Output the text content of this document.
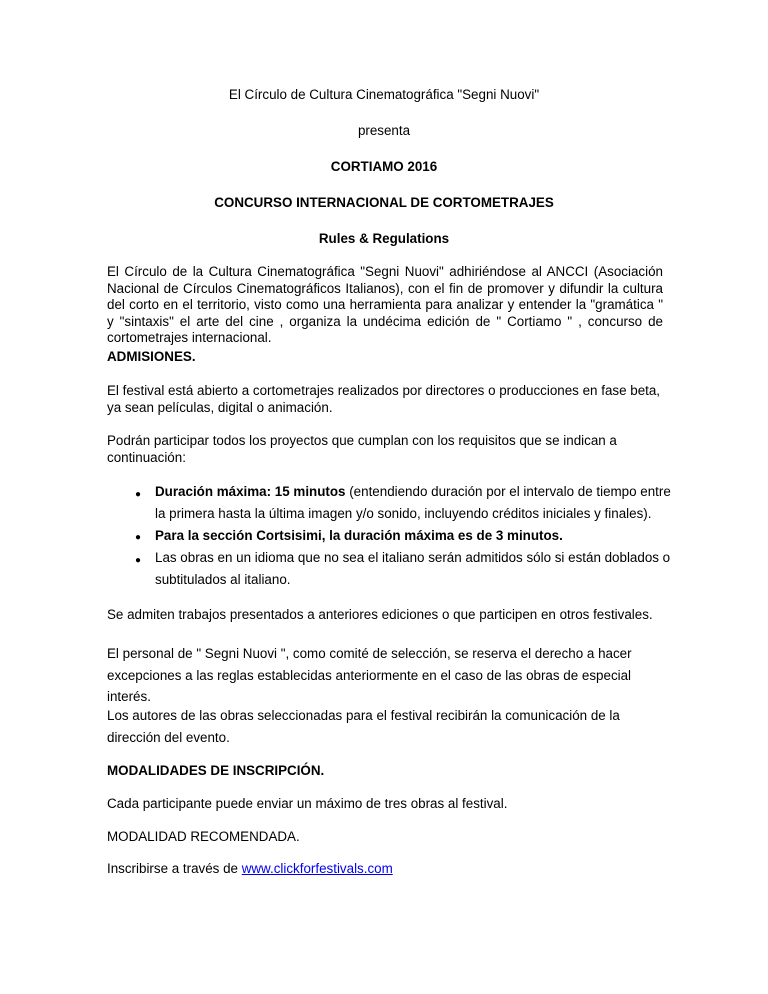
El Círculo de Cultura Cinematográfica "Segni Nuovi"
presenta
CORTIAMO 2016
CONCURSO INTERNACIONAL DE CORTOMETRAJES
Rules & Regulations
El Círculo de la Cultura Cinematográfica "Segni Nuovi" adhiriéndose al ANCCI (Asociación Nacional de Círculos Cinematográficos Italianos), con el fin de promover y difundir la cultura del corto en el territorio, visto como una herramienta para analizar y entender la "gramática " y "sintaxis" el arte del cine , organiza la undécima edición de " Cortiamo " , concurso de cortometrajes internacional.
ADMISIONES.
El festival está abierto a cortometrajes realizados por directores o producciones en fase beta, ya sean películas, digital o animación.
Podrán participar todos los proyectos que cumplan con los requisitos que se indican a continuación:
● Duración máxima: 15 minutos (entendiendo duración por el intervalo de tiempo entre la primera hasta la última imagen y/o sonido, incluyendo créditos iniciales y finales).
● Para la sección Cortsisimi, la duración máxima es de 3 minutos.
● Las obras en un idioma que no sea el italiano serán admitidos sólo si están doblados o subtitulados al italiano.
Se admiten trabajos presentados a anteriores ediciones o que participen en otros festivales.
El personal de " Segni Nuovi ", como comité de selección, se reserva el derecho a hacer excepciones a las reglas establecidas anteriormente en el caso de las obras de especial interés.
Los autores de las obras seleccionadas para el festival recibirán la comunicación de la dirección del evento.
MODALIDADES DE INSCRIPCIÓN.
Cada participante puede enviar un máximo de tres obras al festival.
MODALIDAD RECOMENDADA.
Inscribirse a través de www.clickforfestivals.com
